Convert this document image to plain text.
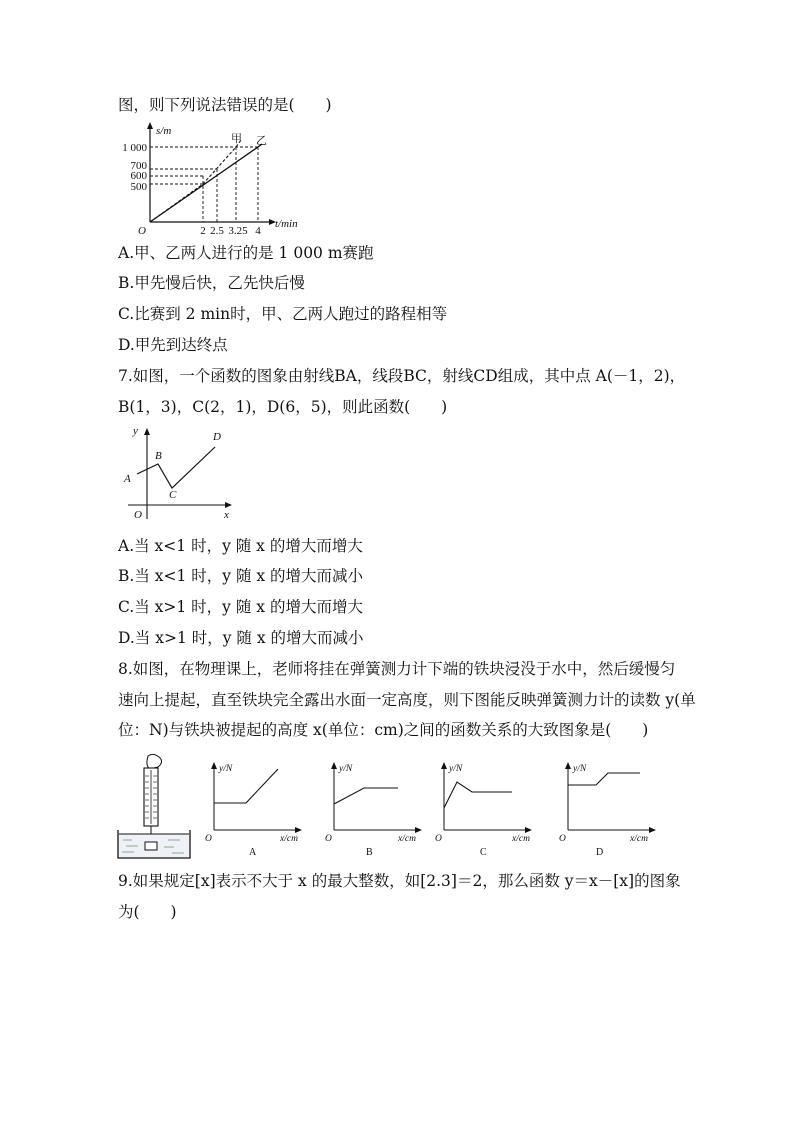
图，则下列说法错误的是(　　)
s/m
t/min
O
1 000
700
600
500
2 2.5 3.25 4
甲 乙
A.甲、乙两人进行的是 1 000 m赛跑
B.甲先慢后快，乙先快后慢
C.比赛到 2 min时，甲、乙两人跑过的路程相等
D.甲先到达终点
7.如图，一个函数的图象由射线BA，线段BC，射线CD组成，其中点 A(－1，2)，
B(1，3)，C(2，1)，D(6，5)，则此函数(　　)
y
x
O
A
B
C
D
A.当 x<1 时，y 随 x 的增大而增大
B.当 x<1 时，y 随 x 的增大而减小
C.当 x>1 时，y 随 x 的增大而增大
D.当 x>1 时，y 随 x 的增大而减小
8.如图，在物理课上，老师将挂在弹簧测力计下端的铁块浸没于水中，然后缓慢匀
速向上提起，直至铁块完全露出水面一定高度，则下图能反映弹簧测力计的读数 y(单
位：N)与铁块被提起的高度 x(单位：cm)之间的函数关系的大致图象是(　　)
y/N
x/cm
O
A
y/N
x/cm
O
B
y/N
x/cm
O
C
y/N
x/cm
O
D
9.如果规定[x]表示不大于 x 的最大整数，如[2.3]＝2，那么函数 y＝x－[x]的图象
为(　　)
